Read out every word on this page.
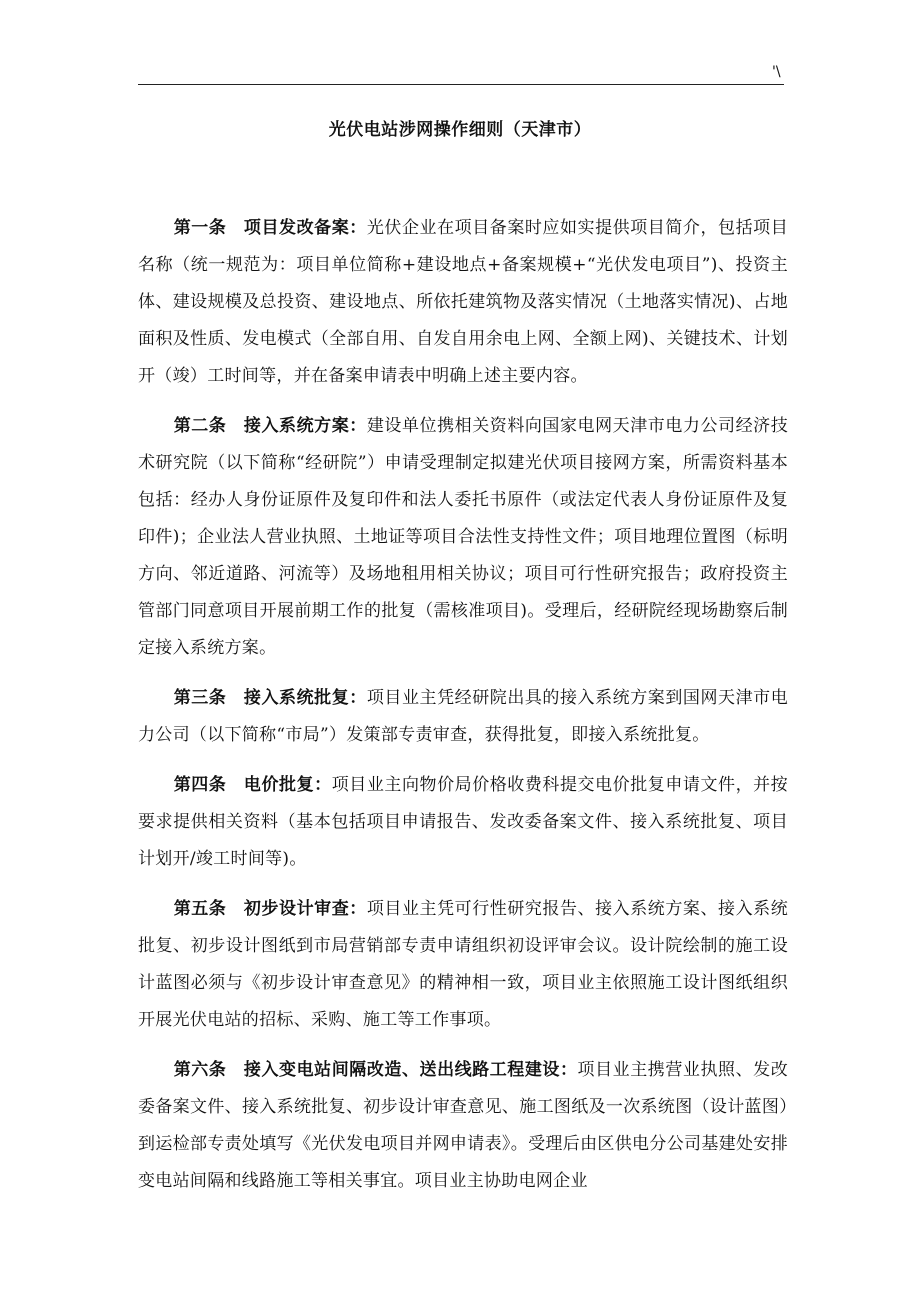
'\
光伏电站涉网操作细则（天津市）

第一条　项目发改备案：光伏企业在项目备案时应如实提供项目简介，包括项目名称（统一规范为：项目单位简称+建设地点+备案规模+“光伏发电项目”)、投资主体、建设规模及总投资、建设地点、所依托建筑物及落实情况（土地落实情况)、占地面积及性质、发电模式（全部自用、自发自用余电上网、全额上网)、关键技术、计划开（竣）工时间等，并在备案申请表中明确上述主要内容。

第二条　接入系统方案：建设单位携相关资料向国家电网天津市电力公司经济技术研究院（以下简称“经研院”）申请受理制定拟建光伏项目接网方案，所需资料基本包括：经办人身份证原件及复印件和法人委托书原件（或法定代表人身份证原件及复印件)；企业法人营业执照、土地证等项目合法性支持性文件；项目地理位置图（标明方向、邻近道路、河流等）及场地租用相关协议；项目可行性研究报告；政府投资主管部门同意项目开展前期工作的批复（需核准项目)。受理后，经研院经现场勘察后制定接入系统方案。

第三条　接入系统批复：项目业主凭经研院出具的接入系统方案到国网天津市电力公司（以下简称“市局”）发策部专责审查，获得批复，即接入系统批复。

第四条　电价批复：项目业主向物价局价格收费科提交电价批复申请文件，并按要求提供相关资料（基本包括项目申请报告、发改委备案文件、接入系统批复、项目计划开/竣工时间等)。

第五条　初步设计审查：项目业主凭可行性研究报告、接入系统方案、接入系统批复、初步设计图纸到市局营销部专责申请组织初设评审会议。设计院绘制的施工设计蓝图必须与《初步设计审查意见》的精神相一致，项目业主依照施工设计图纸组织开展光伏电站的招标、采购、施工等工作事项。

第六条　接入变电站间隔改造、送出线路工程建设：项目业主携营业执照、发改委备案文件、接入系统批复、初步设计审查意见、施工图纸及一次系统图（设计蓝图）到运检部专责处填写《光伏发电项目并网申请表》。受理后由区供电分公司基建处安排变电站间隔和线路施工等相关事宜。项目业主协助电网企业
